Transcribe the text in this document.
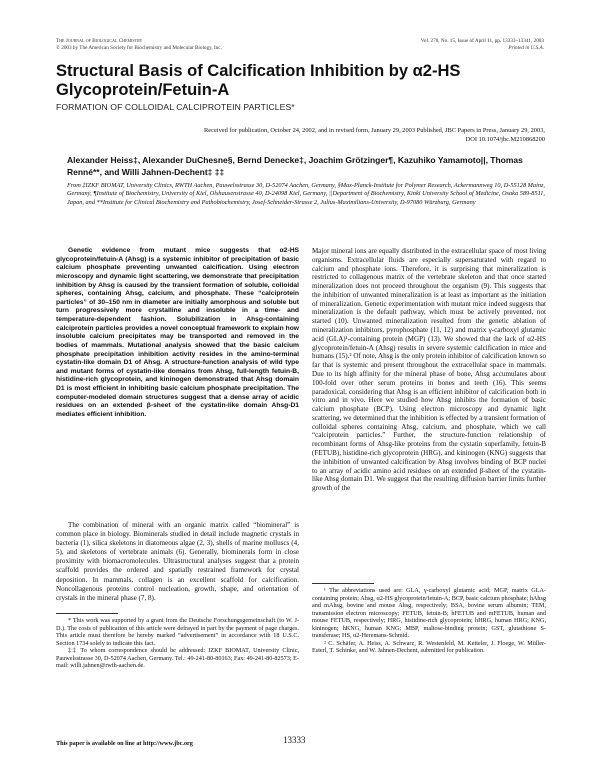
The Journal of Biological Chemistry
© 2003 by The American Society for Biochemistry and Molecular Biology, Inc.
Vol. 278, No. 15, Issue of April 11, pp. 13333–13341, 2003
Printed in U.S.A.
Structural Basis of Calcification Inhibition by α2-HS Glycoprotein/Fetuin-A
FORMATION OF COLLOIDAL CALCIPROTEIN PARTICLES*
Received for publication, October 24, 2002, and in revised form, January 29, 2003 Published, JBC Papers in Press, January 29, 2003, DOI 10.1074/jbc.M210868200
Alexander Heiss‡, Alexander DuChesne§, Bernd Denecke‡, Joachim Grötzinger¶, Kazuhiko Yamamoto||, Thomas Renné**, and Willi Jahnen-Dechent‡ ‡‡
From ‡IZKF BIOMAT, University Clinics, RWTH Aachen, Pauwelsstrasse 30, D-52074 Aachen, Germany, §Max-Planck-Institute for Polymer Research, Ackermannweg 10, D-55128 Mainz, Germany, ¶Institute of Biochemistry, University of Kiel, Olshausenstrasse 40, D-24098 Kiel, Germany, ||Department of Biochemistry, Kinki University School of Medicine, Osaka 589-8511, Japan, and **Institute for Clinical Biochemistry and Pathobiochemistry, Josef-Schneider-Strasse 2, Julius-Maximilians-University, D-97080 Würzburg, Germany

Genetic evidence from mutant mice suggests that α2-HS glycoprotein/fetuin-A (Ahsg) is a systemic inhibitor of precipitation of basic calcium phosphate preventing unwanted calcification. Using electron microscopy and dynamic light scattering, we demonstrate that precipitation inhibition by Ahsg is caused by the transient formation of soluble, colloidal spheres, containing Ahsg, calcium, and phosphate. These “calciprotein particles” of 30–150 nm in diameter are initially amorphous and soluble but turn progressively more crystalline and insoluble in a time- and temperature-dependent fashion. Solubilization in Ahsg-containing calciprotein particles provides a novel conceptual framework to explain how insoluble calcium precipitates may be transported and removed in the bodies of mammals. Mutational analysis showed that the basic calcium phosphate precipitation inhibition activity resides in the amino-terminal cystatin-like domain D1 of Ahsg. A structure-function analysis of wild type and mutant forms of cystatin-like domains from Ahsg, full-length fetuin-B, histidine-rich glycoprotein, and kininogen demonstrated that Ahsg domain D1 is most efficient in inhibiting basic calcium phosphate precipitation. The computer-modeled domain structures suggest that a dense array of acidic residues on an extended β-sheet of the cystatin-like domain Ahsg-D1 mediates efficient inhibition.

The combination of mineral with an organic matrix called “biomineral” is common place in biology. Biominerals studied in detail include magnetic crystals in bacteria (1), silica skeletons in diatomeous algae (2, 3), shells of marine molluscs (4, 5), and skeletons of vertebrate animals (6). Generally, biominerals form in close proximity with biomacromolecules. Ultrastructural analyses suggest that a protein scaffold provides the ordered and spatially restrained framework for crystal deposition. In mammals, collagen is an excellent scaffold for calcification. Noncollagenous proteins control nucleation, growth, shape, and orientation of crystals in the mineral phase (7, 8).

* This work was supported by a grant from the Deutsche Forschungsgemeinschaft (to W. J-D.). The costs of publication of this article were defrayed in part by the payment of page charges. This article must therefore be hereby marked “advertisement” in accordance with 18 U.S.C. Section 1734 solely to indicate this fact.

‡‡ To whom correspondence should be addressed: IZKF BIOMAT, University Clinic, Pauwelsstrasse 30, D-52074 Aachen, Germany. Tel.: 49-241-80-80163; Fax: 49-241-80-82573; E-mail: willi.jahnen@rwth-aachen.de.

Major mineral ions are equally distributed in the extracellular space of most living organisms. Extracellular fluids are especially supersaturated with regard to calcium and phosphate ions. Therefore, it is surprising that mineralization is restricted to collagenous matrix of the vertebrate skeleton and that once started mineralization does not proceed throughout the organism (9). This suggests that the inhibition of unwanted mineralization is at least as important as the initiation of mineralization. Genetic experimentation with mutant mice indeed suggests that mineralization is the default pathway, which must be actively prevented, not started (10). Unwanted mineralization resulted from the genetic ablation of mineralization inhibitors, pyrophosphate (11, 12) and matrix γ-carboxyl glutamic acid (GLA)¹-containing protein (MGP) (13). We showed that the lack of α2-HS glycoprotein/fetuin-A (Ahsg) results in severe systemic calcification in mice and humans (15).² Of note, Ahsg is the only protein inhibitor of calcification known so far that is systemic and present throughout the extracellular space in mammals. Due to its high affinity for the mineral phase of bone, Ahsg accumulates about 100-fold over other serum proteins in bones and teeth (16). This seems paradoxical, considering that Ahsg is an efficient inhibitor of calcification both in vitro and in vivo. Here we studied how Ahsg inhibits the formation of basic calcium phosphate (BCP). Using electron microscopy and dynamic light scattering, we determined that the inhibition is effected by a transient formation of colloidal spheres containing Ahsg, calcium, and phosphate, which we call “calciprotein particles.” Further, the structure-function relationship of recombinant forms of Ahsg-like proteins from the cystatin superfamily, fetuin-B (FETUB), histidine-rich glycoprotein (HRG), and kininogen (KNG) suggests that the inhibition of unwanted calcification by Ahsg involves binding of BCP nuclei to an array of acidic amino acid residues on an extended β-sheet of the cystatin-like Ahsg domain D1. We suggest that the resulting diffusion barrier limits further growth of the

¹ The abbreviations used are: GLA, γ-carboxyl glutamic acid; MGP, matrix GLA-containing protein; Ahsg, α2-HS glycoprotein/fetuin-A; BCP, basic calcium phosphate; hAhsg and mAhsg, bovine and mouse Ahsg, respectively; BSA, bovine serum albumin; TEM, transmission electron microscopy; FETUB, fetuin-B; hFETUB and mFETUB, human and mouse FETUB, respectively; HRG, histidine-rich glycoprotein; hHRG, human HRG; KNG, kininogen; hKNG, human KNG; MBP, maltose-binding protein; GST, glutathione S-transferase; HS, α2-Heremans-Schmid.

² C. Schäfer, A. Heiss, A. Schwarz, R. Westenfeld, M. Ketteler, J. Floege, W. Müller-Esterl, T. Schinke, and W. Jahnen-Dechent, submitted for publication.

This paper is available on line at http://www.jbc.org	13333
